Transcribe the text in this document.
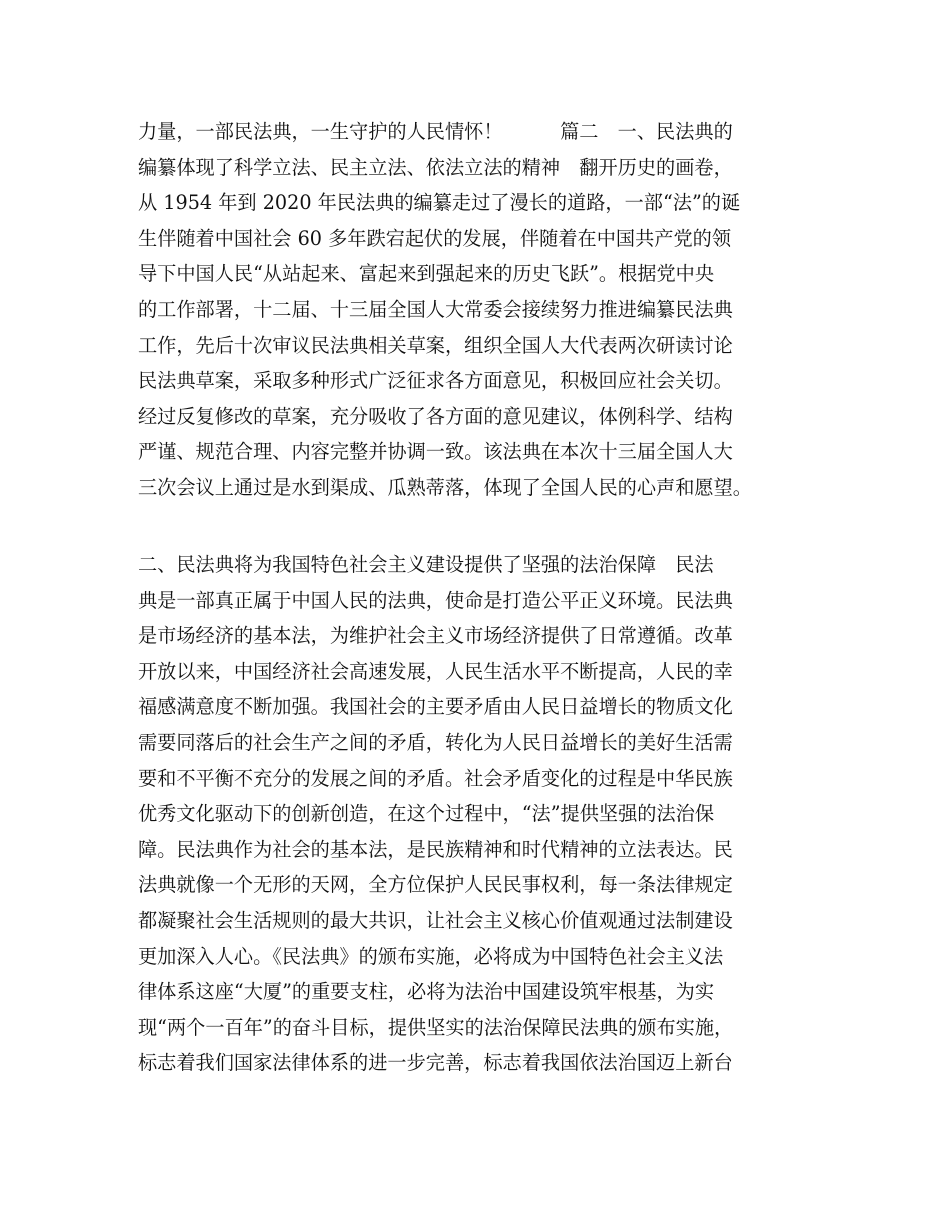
力量，一部民法典，一生守护的人民情怀！　　　篇二　一、民法典的
编纂体现了科学立法、民主立法、依法立法的精神　翻开历史的画卷，
从 1954 年到 2020 年民法典的编纂走过了漫长的道路，一部“法”的诞
生伴随着中国社会 60 多年跌宕起伏的发展，伴随着在中国共产党的领
导下中国人民“从站起来、富起来到强起来的历史飞跃”。根据党中央
的工作部署，十二届、十三届全国人大常委会接续努力推进编纂民法典
工作，先后十次审议民法典相关草案，组织全国人大代表两次研读讨论
民法典草案，采取多种形式广泛征求各方面意见，积极回应社会关切。
经过反复修改的草案，充分吸收了各方面的意见建议，体例科学、结构
严谨、规范合理、内容完整并协调一致。该法典在本次十三届全国人大
三次会议上通过是水到渠成、瓜熟蒂落，体现了全国人民的心声和愿望。
二、民法典将为我国特色社会主义建设提供了坚强的法治保障　民法
典是一部真正属于中国人民的法典，使命是打造公平正义环境。民法典
是市场经济的基本法，为维护社会主义市场经济提供了日常遵循。改革
开放以来，中国经济社会高速发展，人民生活水平不断提高，人民的幸
福感满意度不断加强。我国社会的主要矛盾由人民日益增长的物质文化
需要同落后的社会生产之间的矛盾，转化为人民日益增长的美好生活需
要和不平衡不充分的发展之间的矛盾。社会矛盾变化的过程是中华民族
优秀文化驱动下的创新创造，在这个过程中，“法”提供坚强的法治保
障。民法典作为社会的基本法，是民族精神和时代精神的立法表达。民
法典就像一个无形的天网，全方位保护人民民事权利，每一条法律规定
都凝聚社会生活规则的最大共识，让社会主义核心价值观通过法制建设
更加深入人心。《民法典》的颁布实施，必将成为中国特色社会主义法
律体系这座“大厦”的重要支柱，必将为法治中国建设筑牢根基，为实
现“两个一百年”的奋斗目标，提供坚实的法治保障民法典的颁布实施，
标志着我们国家法律体系的进一步完善，标志着我国依法治国迈上新台
